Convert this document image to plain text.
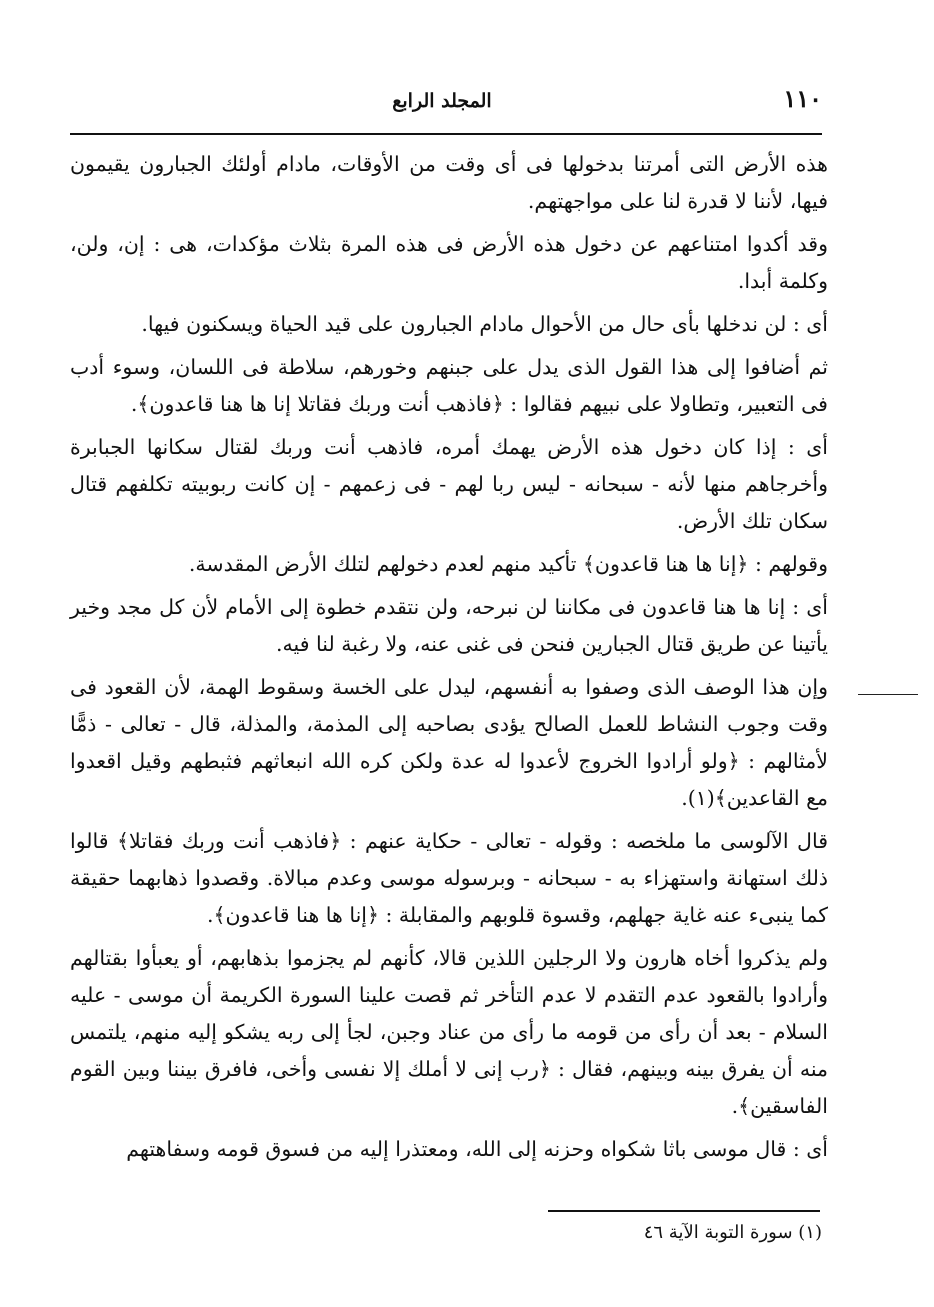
١١٠
المجلد الرابع

هذه الأرض التى أمرتنا بدخولها فى أى وقت من الأوقات، مادام أولئك الجبارون يقيمون فيها، لأننا لا قدرة لنا على مواجهتهم.

وقد أكدوا امتناعهم عن دخول هذه الأرض فى هذه المرة بثلاث مؤكدات، هى : إن، ولن، وكلمة أبدا.

أى : لن ندخلها بأى حال من الأحوال مادام الجبارون على قيد الحياة ويسكنون فيها.

ثم أضافوا إلى هذا القول الذى يدل على جبنهم وخورهم، سلاطة فى اللسان، وسوء أدب فى التعبير، وتطاولا على نبيهم فقالوا : ﴿فاذهب أنت وربك فقاتلا إنا ها هنا قاعدون﴾.

أى : إذا كان دخول هذه الأرض يهمك أمره، فاذهب أنت وربك لقتال سكانها الجبابرة وأخرجاهم منها لأنه - سبحانه - ليس ربا لهم - فى زعمهم - إن كانت ربوبيته تكلفهم قتال سكان تلك الأرض.

وقولهم : ﴿إنا ها هنا قاعدون﴾ تأكيد منهم لعدم دخولهم لتلك الأرض المقدسة.

أى : إنا ها هنا قاعدون فى مكاننا لن نبرحه، ولن نتقدم خطوة إلى الأمام لأن كل مجد وخير يأتينا عن طريق قتال الجبارين فنحن فى غنى عنه، ولا رغبة لنا فيه.

وإن هذا الوصف الذى وصفوا به أنفسهم، ليدل على الخسة وسقوط الهمة، لأن القعود فى وقت وجوب النشاط للعمل الصالح يؤدى بصاحبه إلى المذمة، والمذلة، قال - تعالى - ذمًّا لأمثالهم : ﴿ولو أرادوا الخروج لأعدوا له عدة ولكن كره الله انبعاثهم فثبطهم وقيل اقعدوا مع القاعدين﴾(١).

قال الآلوسى ما ملخصه : وقوله - تعالى - حكاية عنهم : ﴿فاذهب أنت وربك فقاتلا﴾ قالوا ذلك استهانة واستهزاء به - سبحانه - وبرسوله موسى وعدم مبالاة. وقصدوا ذهابهما حقيقة كما ينبىء عنه غاية جهلهم، وقسوة قلوبهم والمقابلة : ﴿إنا ها هنا قاعدون﴾.

ولم يذكروا أخاه هارون ولا الرجلين اللذين قالا، كأنهم لم يجزموا بذهابهم، أو يعبأوا بقتالهم وأرادوا بالقعود عدم التقدم لا عدم التأخر ثم قصت علينا السورة الكريمة أن موسى - عليه السلام - بعد أن رأى من قومه ما رأى من عناد وجبن، لجأ إلى ربه يشكو إليه منهم، يلتمس منه أن يفرق بينه وبينهم، فقال : ﴿رب إنى لا أملك إلا نفسى وأخى، فافرق بيننا وبين القوم الفاسقين﴾.

أى : قال موسى باثا شكواه وحزنه إلى الله، ومعتذرا إليه من فسوق قومه وسفاهتهم

(١) سورة التوبة الآية ٤٦
